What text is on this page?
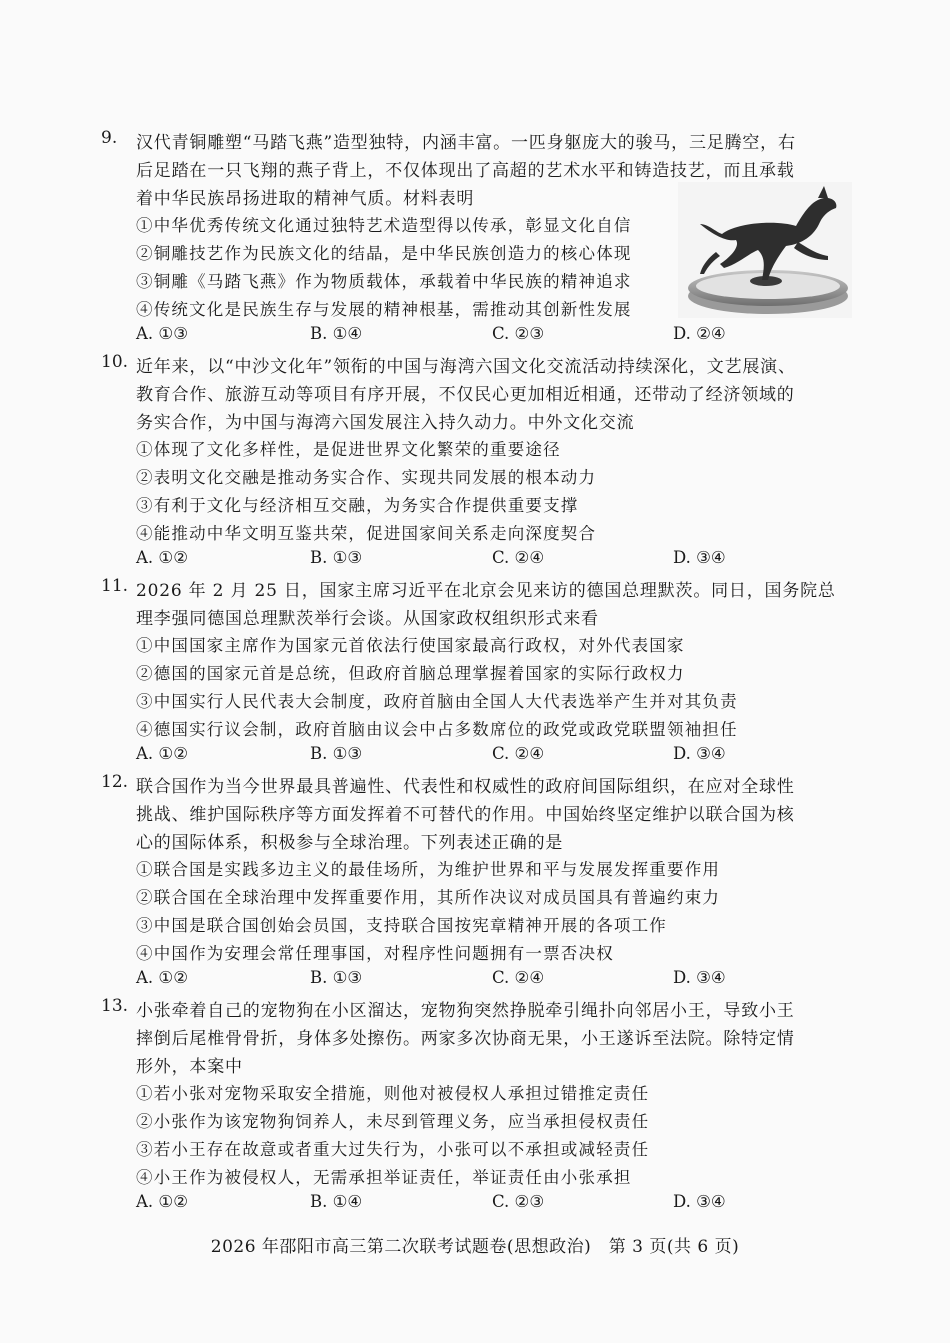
9. 汉代青铜雕塑“马踏飞燕”造型独特，内涵丰富。一匹身躯庞大的骏马，三足腾空，右
后足踏在一只飞翔的燕子背上，不仅体现出了高超的艺术水平和铸造技艺，而且承载
着中华民族昂扬进取的精神气质。材料表明
①中华优秀传统文化通过独特艺术造型得以传承，彰显文化自信
②铜雕技艺作为民族文化的结晶，是中华民族创造力的核心体现
③铜雕《马踏飞燕》作为物质载体，承载着中华民族的精神追求
④传统文化是民族生存与发展的精神根基，需推动其创新性发展
A. ①③	B. ①④	C. ②③	D. ②④
10. 近年来，以“中沙文化年”领衔的中国与海湾六国文化交流活动持续深化，文艺展演、
教育合作、旅游互动等项目有序开展，不仅民心更加相近相通，还带动了经济领域的
务实合作，为中国与海湾六国发展注入持久动力。中外文化交流
①体现了文化多样性，是促进世界文化繁荣的重要途径
②表明文化交融是推动务实合作、实现共同发展的根本动力
③有利于文化与经济相互交融，为务实合作提供重要支撑
④能推动中华文明互鉴共荣，促进国家间关系走向深度契合
A. ①②	B. ①③	C. ②④	D. ③④
11. 2026 年 2 月 25 日，国家主席习近平在北京会见来访的德国总理默茨。同日，国务院总
理李强同德国总理默茨举行会谈。从国家政权组织形式来看
①中国国家主席作为国家元首依法行使国家最高行政权，对外代表国家
②德国的国家元首是总统，但政府首脑总理掌握着国家的实际行政权力
③中国实行人民代表大会制度，政府首脑由全国人大代表选举产生并对其负责
④德国实行议会制，政府首脑由议会中占多数席位的政党或政党联盟领袖担任
A. ①②	B. ①③	C. ②④	D. ③④
12. 联合国作为当今世界最具普遍性、代表性和权威性的政府间国际组织，在应对全球性
挑战、维护国际秩序等方面发挥着不可替代的作用。中国始终坚定维护以联合国为核
心的国际体系，积极参与全球治理。下列表述正确的是
①联合国是实践多边主义的最佳场所，为维护世界和平与发展发挥重要作用
②联合国在全球治理中发挥重要作用，其所作决议对成员国具有普遍约束力
③中国是联合国创始会员国，支持联合国按宪章精神开展的各项工作
④中国作为安理会常任理事国，对程序性问题拥有一票否决权
A. ①②	B. ①③	C. ②④	D. ③④
13. 小张牵着自己的宠物狗在小区溜达，宠物狗突然挣脱牵引绳扑向邻居小王，导致小王
摔倒后尾椎骨骨折，身体多处擦伤。两家多次协商无果，小王遂诉至法院。除特定情
形外，本案中
①若小张对宠物采取安全措施，则他对被侵权人承担过错推定责任
②小张作为该宠物狗饲养人，未尽到管理义务，应当承担侵权责任
③若小王存在故意或者重大过失行为，小张可以不承担或减轻责任
④小王作为被侵权人，无需承担举证责任，举证责任由小张承担
A. ①②	B. ①④	C. ②③	D. ③④
2026 年邵阳市高三第二次联考试题卷(思想政治)　第 3 页(共 6 页)
